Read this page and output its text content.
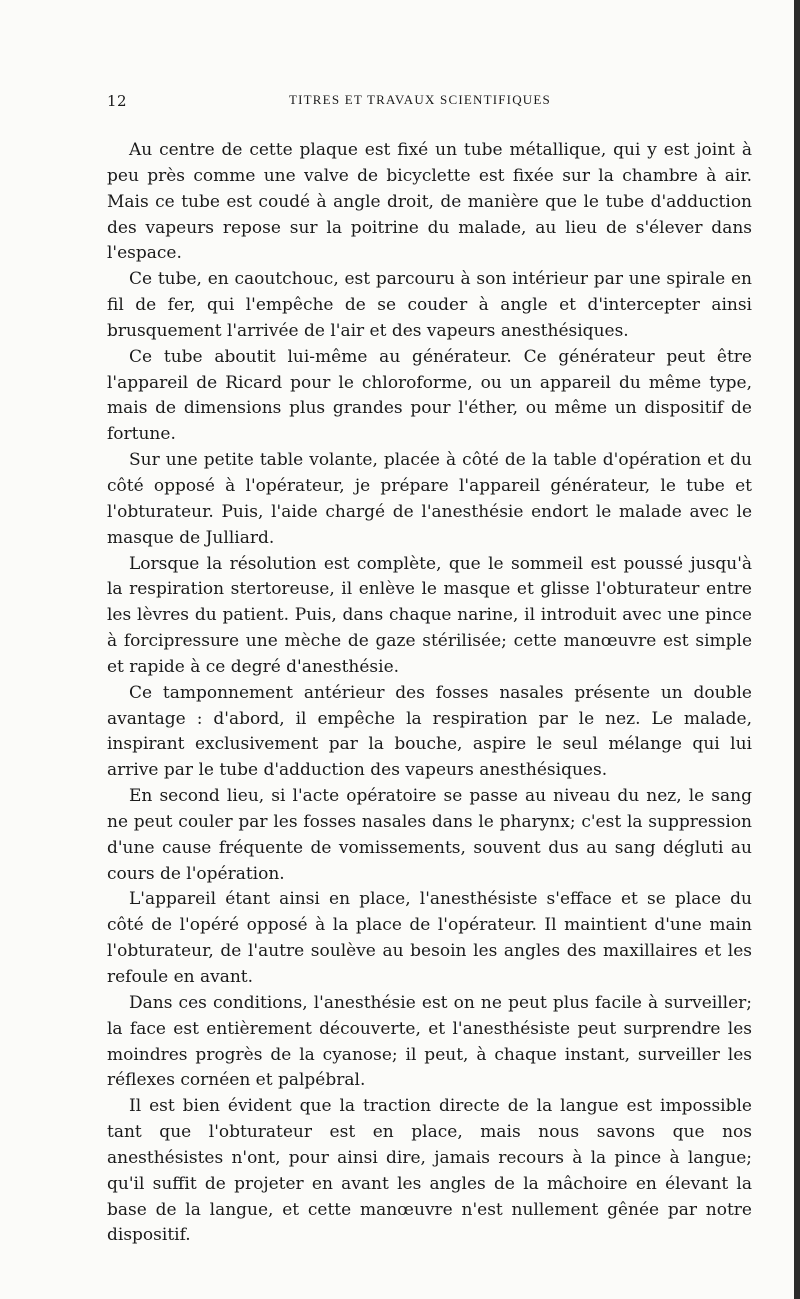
12	TITRES ET TRAVAUX SCIENTIFIQUES

Au centre de cette plaque est fixé un tube métallique, qui y est joint à peu près comme une valve de bicyclette est fixée sur la chambre à air. Mais ce tube est coudé à angle droit, de manière que le tube d'adduction des vapeurs repose sur la poitrine du malade, au lieu de s'élever dans l'espace.

Ce tube, en caoutchouc, est parcouru à son intérieur par une spirale en fil de fer, qui l'empêche de se couder à angle et d'intercepter ainsi brusquement l'arrivée de l'air et des vapeurs anesthésiques.

Ce tube aboutit lui-même au générateur. Ce générateur peut être l'appareil de Ricard pour le chloroforme, ou un appareil du même type, mais de dimensions plus grandes pour l'éther, ou même un dispositif de fortune.

Sur une petite table volante, placée à côté de la table d'opération et du côté opposé à l'opérateur, je prépare l'appareil générateur, le tube et l'obturateur. Puis, l'aide chargé de l'anesthésie endort le malade avec le masque de Julliard.

Lorsque la résolution est complète, que le sommeil est poussé jusqu'à la respiration stertoreuse, il enlève le masque et glisse l'obturateur entre les lèvres du patient. Puis, dans chaque narine, il introduit avec une pince à forcipressure une mèche de gaze stérilisée; cette manœuvre est simple et rapide à ce degré d'anesthésie.

Ce tamponnement antérieur des fosses nasales présente un double avantage : d'abord, il empêche la respiration par le nez. Le malade, inspirant exclusivement par la bouche, aspire le seul mélange qui lui arrive par le tube d'adduction des vapeurs anesthésiques.

En second lieu, si l'acte opératoire se passe au niveau du nez, le sang ne peut couler par les fosses nasales dans le pharynx; c'est la suppression d'une cause fréquente de vomissements, souvent dus au sang dégluti au cours de l'opération.

L'appareil étant ainsi en place, l'anesthésiste s'efface et se place du côté de l'opéré opposé à la place de l'opérateur. Il maintient d'une main l'obturateur, de l'autre soulève au besoin les angles des maxillaires et les refoule en avant.

Dans ces conditions, l'anesthésie est on ne peut plus facile à surveiller; la face est entièrement découverte, et l'anesthésiste peut surprendre les moindres progrès de la cyanose; il peut, à chaque instant, surveiller les réflexes cornéen et palpébral.

Il est bien évident que la traction directe de la langue est impossible tant que l'obturateur est en place, mais nous savons que nos anesthésistes n'ont, pour ainsi dire, jamais recours à la pince à langue; qu'il suffit de projeter en avant les angles de la mâchoire en élevant la base de la langue, et cette manœuvre n'est nullement gênée par notre dispositif.
